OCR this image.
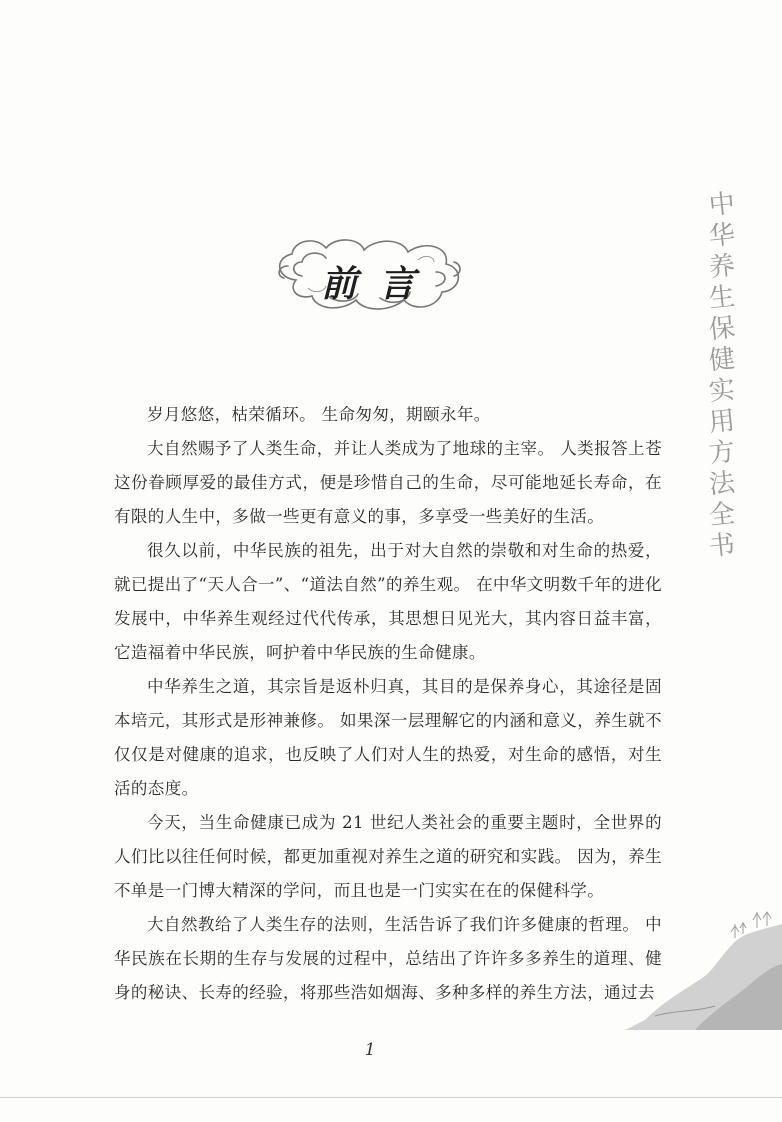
中
华
养
生
保
健
实
用
方
法
全
书
前言

岁月悠悠，枯荣循环。 生命匆匆，期颐永年。

大自然赐予了人类生命，并让人类成为了地球的主宰。 人类报答上苍这份眷顾厚爱的最佳方式，便是珍惜自己的生命，尽可能地延长寿命，在有限的人生中，多做一些更有意义的事，多享受一些美好的生活。

很久以前，中华民族的祖先，出于对大自然的崇敬和对生命的热爱，就已提出了“天人合一”、“道法自然”的养生观。 在中华文明数千年的进化发展中，中华养生观经过代代传承，其思想日见光大，其内容日益丰富，它造福着中华民族，呵护着中华民族的生命健康。

中华养生之道，其宗旨是返朴归真，其目的是保养身心，其途径是固本培元，其形式是形神兼修。 如果深一层理解它的内涵和意义，养生就不仅仅是对健康的追求，也反映了人们对人生的热爱，对生命的感悟，对生活的态度。

今天，当生命健康已成为 21 世纪人类社会的重要主题时，全世界的人们比以往任何时候，都更加重视对养生之道的研究和实践。 因为，养生不单是一门博大精深的学问，而且也是一门实实在在的保健科学。

大自然教给了人类生存的法则，生活告诉了我们许多健康的哲理。 中华民族在长期的生存与发展的过程中，总结出了许许多多养生的道理、健身的秘诀、长寿的经验，将那些浩如烟海、多种多样的养生方法，通过去

1
